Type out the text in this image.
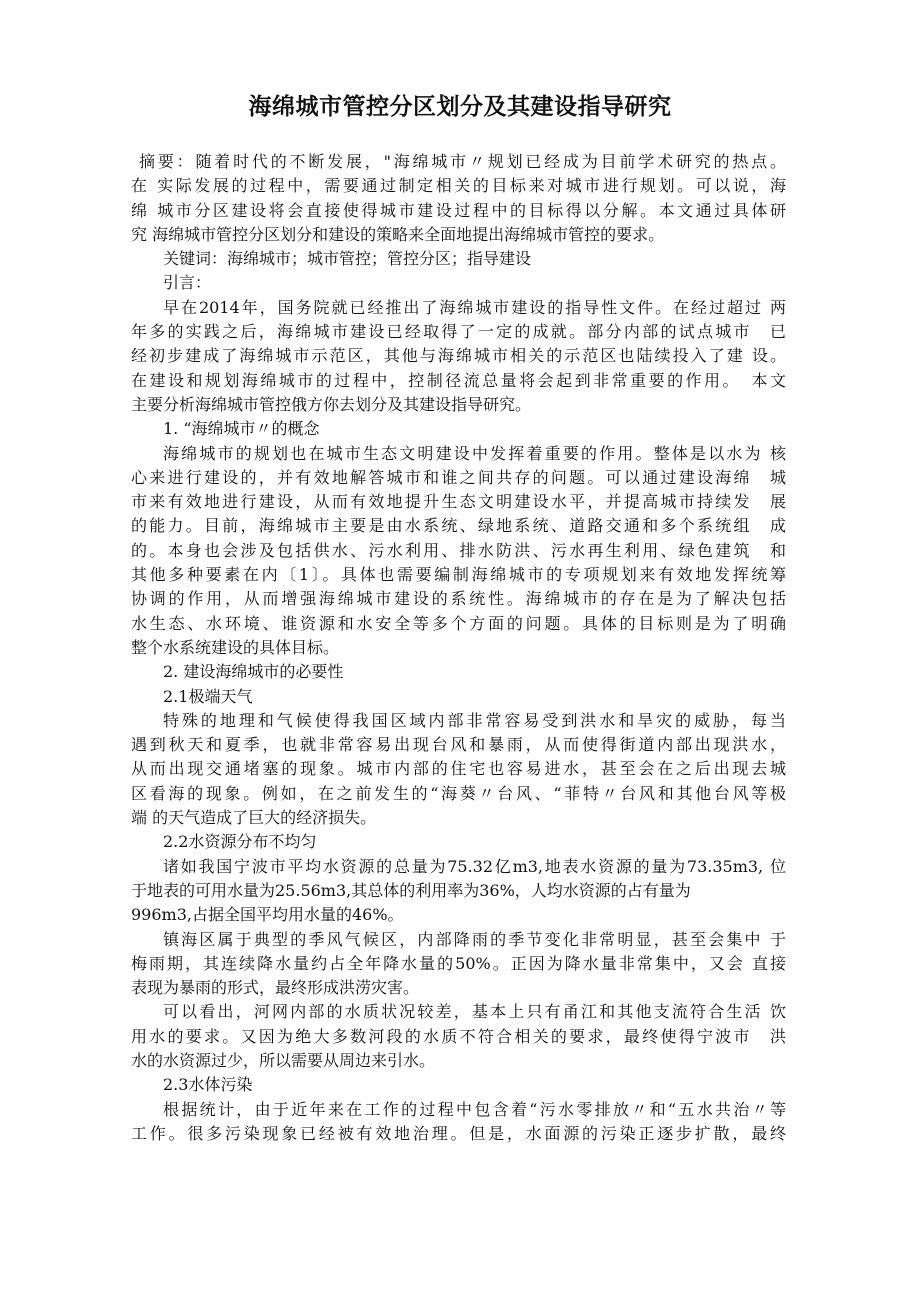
海绵城市管控分区划分及其建设指导研究
摘要：随着时代的不断发展，"海绵城市〃规划已经成为目前学术研究的热点。
在 实际发展的过程中，需要通过制定相关的目标来对城市进行规划。可以说，海
绵 城市分区建设将会直接使得城市建设过程中的目标得以分解。本文通过具体研
究 海绵城市管控分区划分和建设的策略来全面地提出海绵城市管控的要求。
关键词：海绵城市；城市管控；管控分区；指导建设
引言：
早在2014年，国务院就已经推出了海绵城市建设的指导性文件。在经过超过 两
年多的实践之后，海绵城市建设已经取得了一定的成就。部分内部的试点城市　已
经初步建成了海绵城市示范区，其他与海绵城市相关的示范区也陆续投入了建 设。
在建设和规划海绵城市的过程中，控制径流总量将会起到非常重要的作用。　本文
主要分析海绵城市管控俄方你去划分及其建设指导研究。
1. “海绵城市〃的概念
海绵城市的规划也在城市生态文明建设中发挥着重要的作用。整体是以水为 核
心来进行建设的，并有效地解答城市和谁之间共存的问题。可以通过建设海绵　城
市来有效地进行建设，从而有效地提升生态文明建设水平，并提高城市持续发　展
的能力。目前，海绵城市主要是由水系统、绿地系统、道路交通和多个系统组　成
的。本身也会涉及包括供水、污水利用、排水防洪、污水再生利用、绿色建筑　和
其他多种要素在内〔1〕。具体也需要编制海绵城市的专项规划来有效地发挥统筹
协调的作用，从而增强海绵城市建设的系统性。海绵城市的存在是为了解决包括
水生态、水环境、谁资源和水安全等多个方面的问题。具体的目标则是为了明确
整个水系统建设的具体目标。
2. 建设海绵城市的必要性
2.1极端天气
特殊的地理和气候使得我国区域内部非常容易受到洪水和旱灾的威胁，每当
遇到秋天和夏季，也就非常容易出现台风和暴雨，从而使得街道内部出现洪水，
从而出现交通堵塞的现象。城市内部的住宅也容易进水，甚至会在之后出现去城
区看海的现象。例如，在之前发生的“海葵〃台风、“菲特〃台风和其他台风等极
端 的天气造成了巨大的经济损失。
2.2水资源分布不均匀
诸如我国宁波市平均水资源的总量为75.32亿m3,地表水资源的量为73.35m3, 位
于地表的可用水量为25.56m3,其总体的利用率为36%，人均水资源的占有量为
996m3,占据全国平均用水量的46%。
镇海区属于典型的季风气候区，内部降雨的季节变化非常明显，甚至会集中 于
梅雨期，其连续降水量约占全年降水量的50%。正因为降水量非常集中，又会 直接
表现为暴雨的形式，最终形成洪涝灾害。
可以看出，河网内部的水质状况较差，基本上只有甬江和其他支流符合生活 饮
用水的要求。又因为绝大多数河段的水质不符合相关的要求，最终使得宁波市　洪
水的水资源过少，所以需要从周边来引水。
2.3水体污染
根据统计，由于近年来在工作的过程中包含着“污水零排放〃和“五水共治〃等
工作。很多污染现象已经被有效地治理。但是，水面源的污染正逐步扩散，最终
